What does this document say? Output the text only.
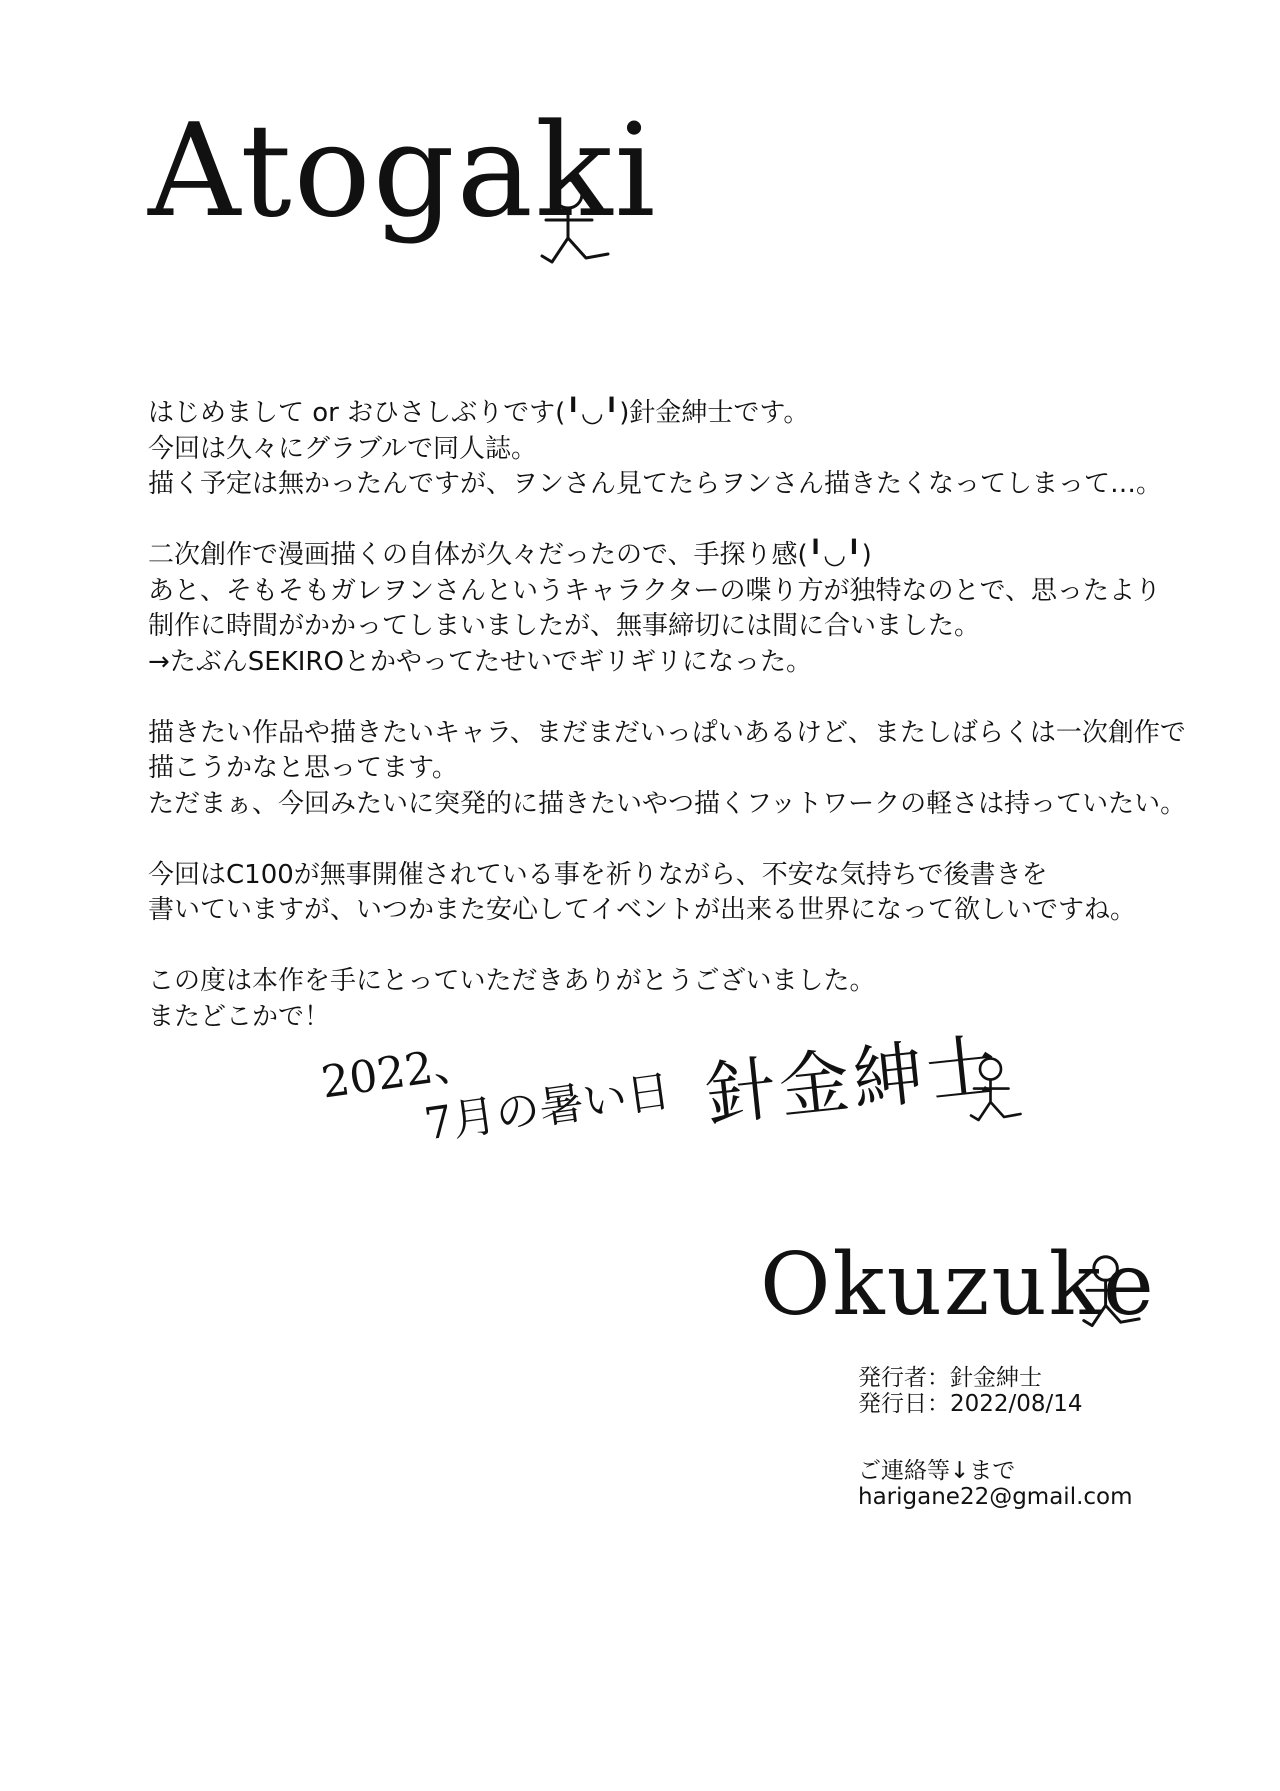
Atogaki
はじめまして or おひさしぶりです(╹◡╹)針金紳士です。
今回は久々にグラブルで同人誌。
描く予定は無かったんですが、ヲンさん見てたらヲンさん描きたくなってしまって…。
二次創作で漫画描くの自体が久々だったので、手探り感(╹◡╹)
あと、そもそもガレヲンさんというキャラクターの喋り方が独特なのとで、思ったより
制作に時間がかかってしまいましたが、無事締切には間に合いました。
→たぶんSEKIROとかやってたせいでギリギリになった。
描きたい作品や描きたいキャラ、まだまだいっぱいあるけど、またしばらくは一次創作で
描こうかなと思ってます。
ただまぁ、今回みたいに突発的に描きたいやつ描くフットワークの軽さは持っていたい。
今回はC100が無事開催されている事を祈りながら、不安な気持ちで後書きを
書いていますが、いつかまた安心してイベントが出来る世界になって欲しいですね。
この度は本作を手にとっていただきありがとうございました。
またどこかで！
2022、
7月の暑い日 針金紳士
Okuzuke
発行者：針金紳士
発行日：2022/08/14
ご連絡等↓まで
harigane22@gmail.com
